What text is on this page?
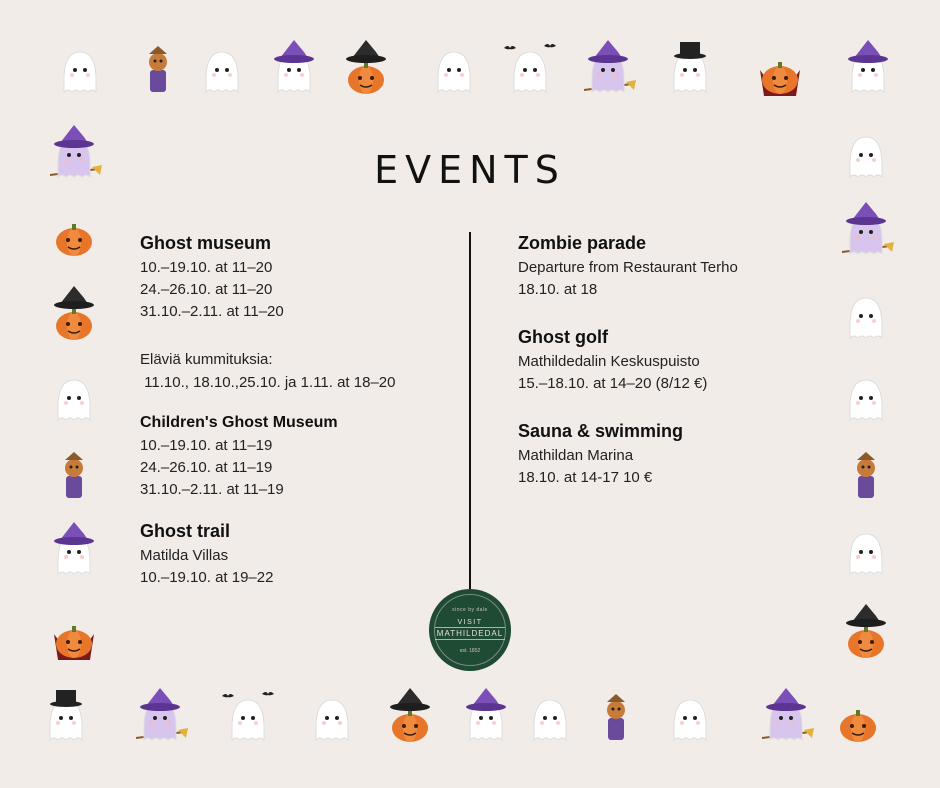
EVENTS
Ghost museum
10.–19.10. at 11–20
24.–26.10. at 11–20
31.10.–2.11. at 11–20
Eläviä kummituksia:
11.10., 18.10.,25.10. ja 1.11. at 18–20
Children's Ghost Museum
10.–19.10. at 11–19
24.–26.10. at 11–19
31.10.–2.11. at 11–19
Ghost trail
Matilda Villas
10.–19.10. at 19–22
since by dale
VISIT
MATHILDEDAL
est. 1852
Zombie parade
Departure from Restaurant Terho
18.10. at 18
Ghost golf
Mathildedalin Keskuspuisto
15.–18.10. at 14–20 (8/12 €)
Sauna & swimming
Mathildan Marina
18.10. at 14-17 10 €
